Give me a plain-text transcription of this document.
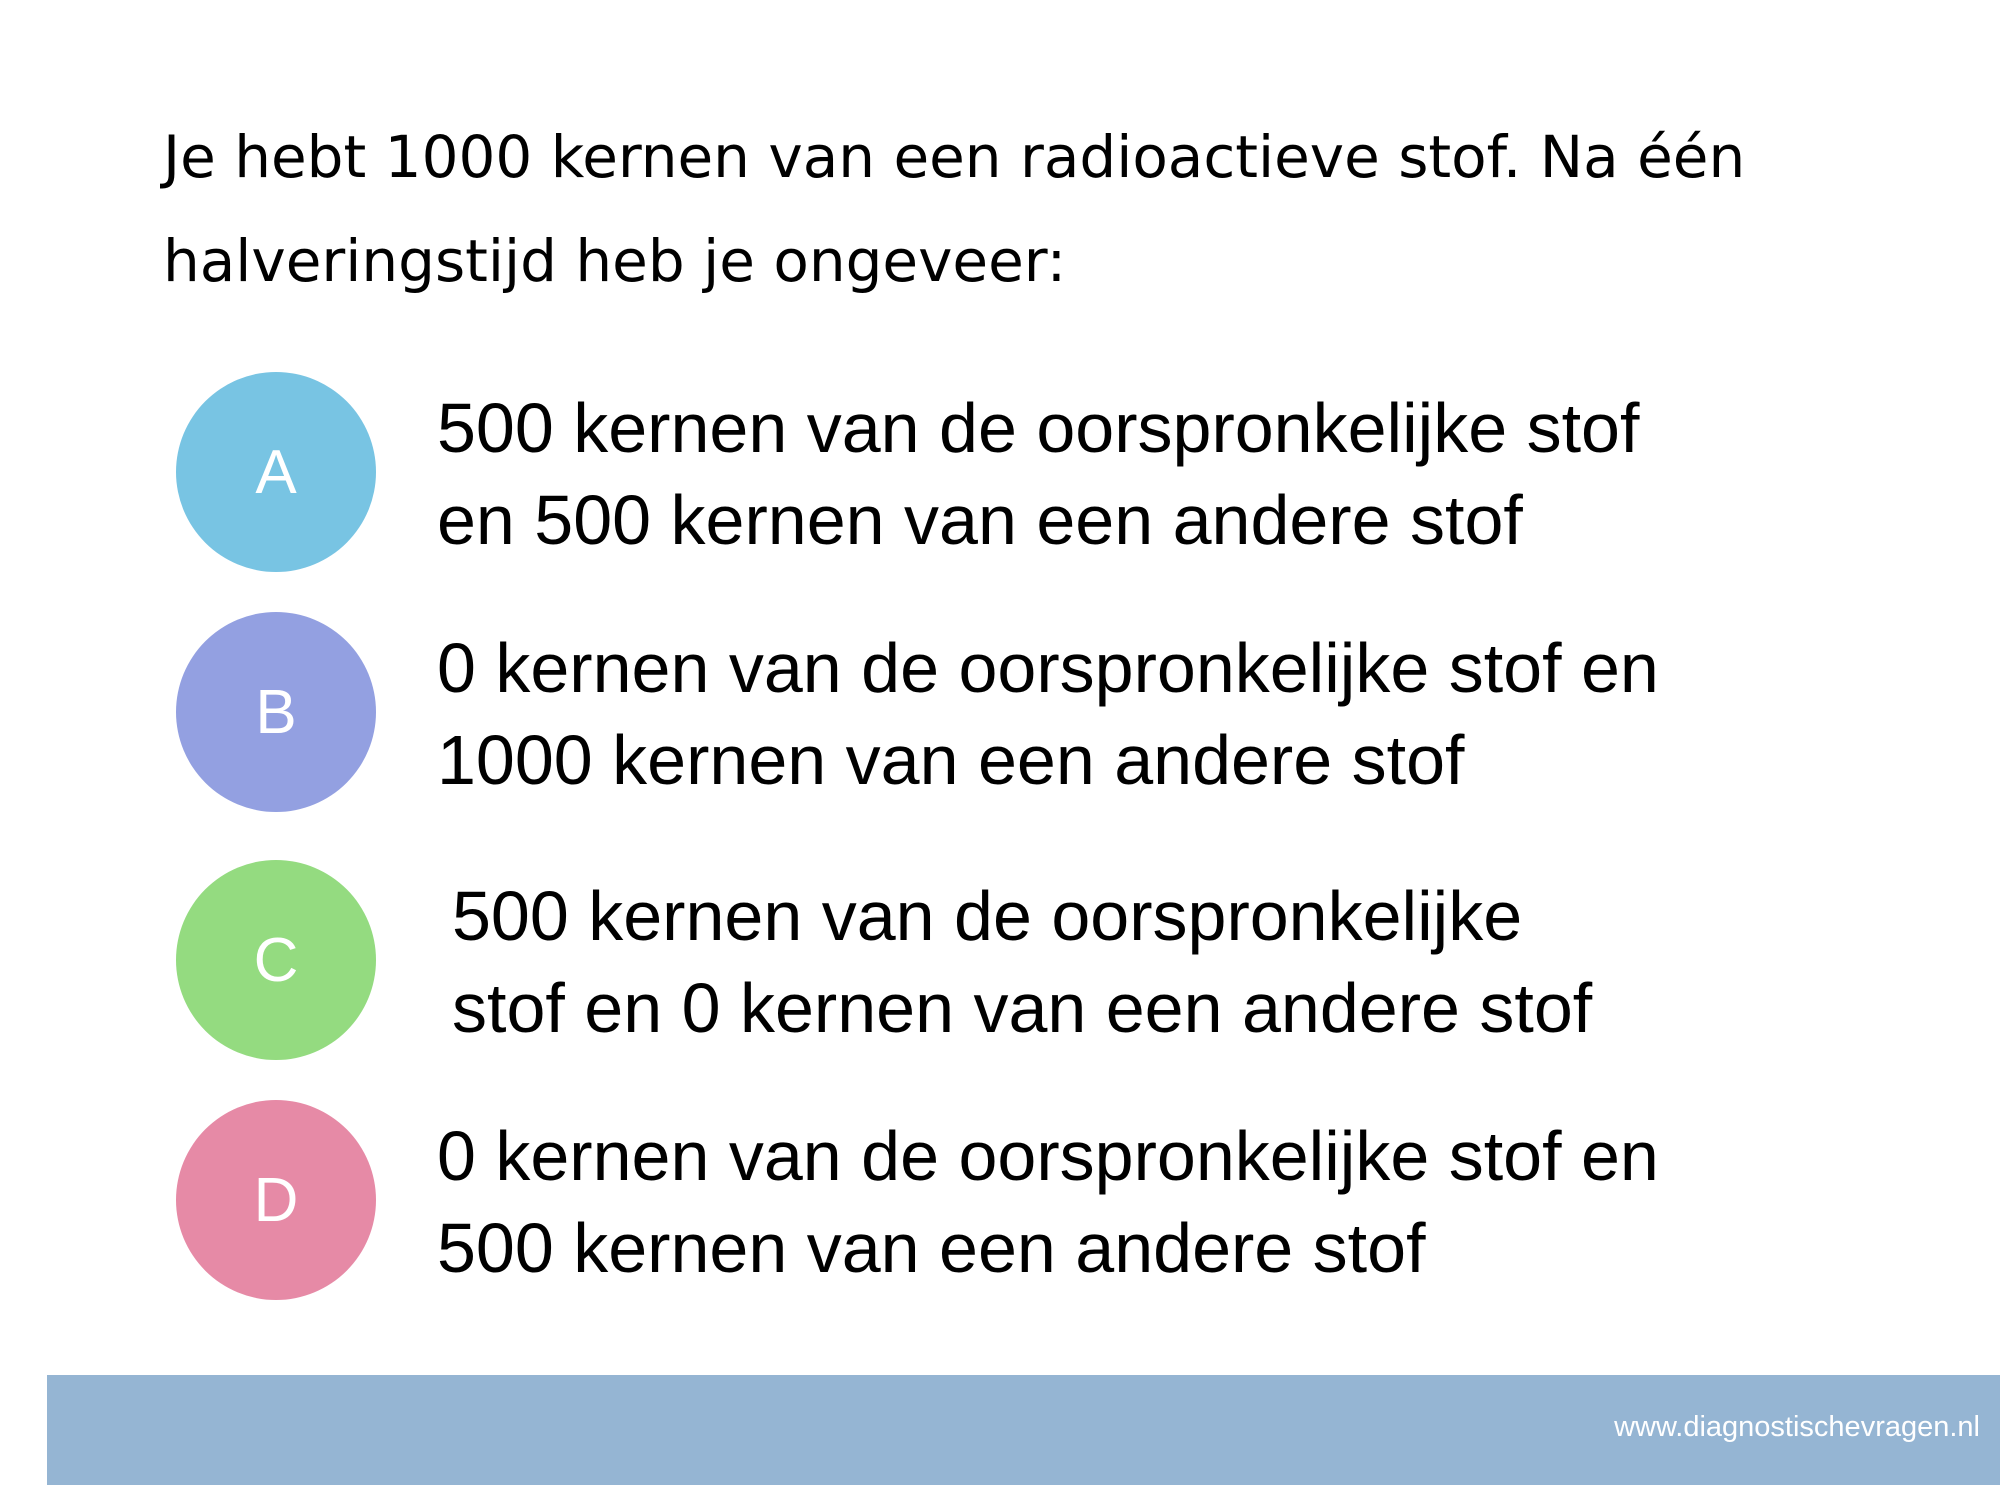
Je hebt 1000 kernen van een radioactieve stof. Na één
halveringstijd heb je ongeveer:
A
500 kernen van de oorspronkelijke stof
en 500 kernen van een andere stof
B
0 kernen van de oorspronkelijke stof en
1000 kernen van een andere stof
C
500 kernen van de oorspronkelijke
stof en 0 kernen van een andere stof
D
0 kernen van de oorspronkelijke stof en
500 kernen van een andere stof
www.diagnostischevragen.nl
